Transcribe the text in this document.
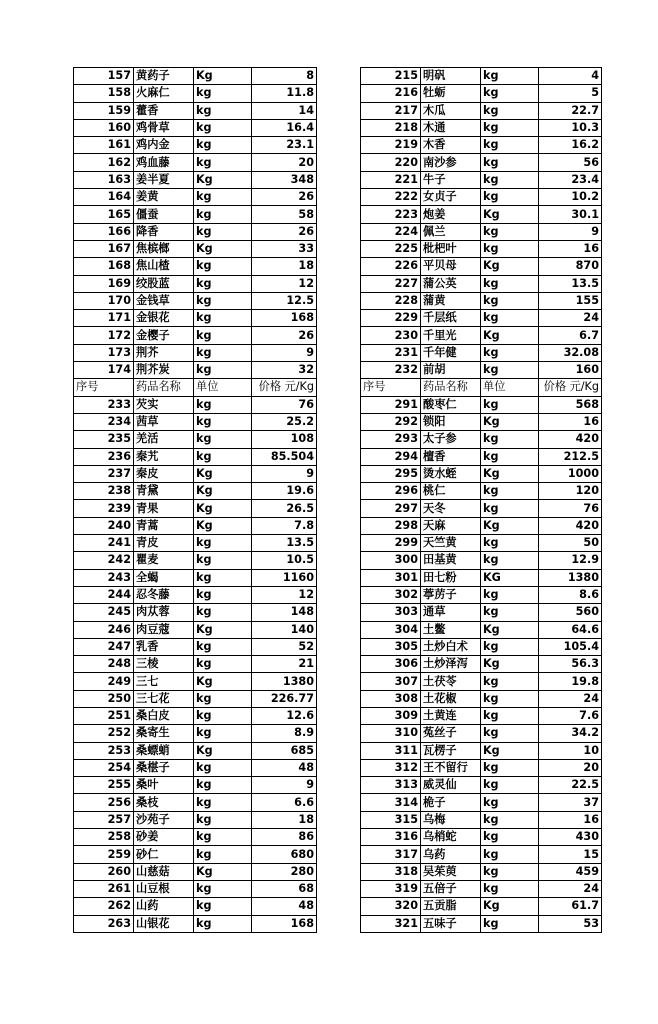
157	黄药子	Kg	8
158	火麻仁	kg	11.8
159	藿香	kg	14
160	鸡骨草	kg	16.4
161	鸡内金	kg	23.1
162	鸡血藤	kg	20
163	姜半夏	Kg	348
164	姜黄	kg	26
165	僵蚕	kg	58
166	降香	kg	26
167	焦槟榔	Kg	33
168	焦山楂	kg	18
169	绞股蓝	kg	12
170	金钱草	kg	12.5
171	金银花	kg	168
172	金樱子	kg	26
173	荆芥	kg	9
174	荆芥炭	kg	32
序号	药品名称	单位	价格 元/Kg
233	芡实	kg	76
234	茜草	kg	25.2
235	羌活	kg	108
236	秦艽	kg	85.504
237	秦皮	Kg	9
238	青黛	Kg	19.6
239	青果	Kg	26.5
240	青蒿	Kg	7.8
241	青皮	kg	13.5
242	瞿麦	kg	10.5
243	全蝎	kg	1160
244	忍冬藤	kg	12
245	肉苁蓉	kg	148
246	肉豆蔻	Kg	140
247	乳香	kg	52
248	三棱	kg	21
249	三七	Kg	1380
250	三七花	kg	226.77
251	桑白皮	kg	12.6
252	桑寄生	kg	8.9
253	桑螵蛸	Kg	685
254	桑椹子	kg	48
255	桑叶	kg	9
256	桑枝	kg	6.6
257	沙苑子	kg	18
258	砂姜	kg	86
259	砂仁	kg	680
260	山慈菇	Kg	280
261	山豆根	kg	68
262	山药	kg	48
263	山银花	kg	168
215	明矾	kg	4
216	牡蛎	kg	5
217	木瓜	kg	22.7
218	木通	kg	10.3
219	木香	kg	16.2
220	南沙参	kg	56
221	牛子	kg	23.4
222	女贞子	kg	10.2
223	炮姜	Kg	30.1
224	佩兰	kg	9
225	枇杷叶	kg	16
226	平贝母	Kg	870
227	蒲公英	kg	13.5
228	蒲黄	kg	155
229	千层纸	kg	24
230	千里光	Kg	6.7
231	千年健	kg	32.08
232	前胡	kg	160
序号	药品名称	单位	价格 元/Kg
291	酸枣仁	kg	568
292	锁阳	Kg	16
293	太子参	kg	420
294	檀香	kg	212.5
295	烫水蛭	Kg	1000
296	桃仁	kg	120
297	天冬	kg	76
298	天麻	Kg	420
299	天竺黄	kg	50
300	田基黄	kg	12.9
301	田七粉	KG	1380
302	葶苈子	kg	8.6
303	通草	kg	560
304	土鳖	Kg	64.6
305	土炒白术	kg	105.4
306	土炒泽泻	Kg	56.3
307	土茯苓	kg	19.8
308	土花椒	kg	24
309	土黄连	kg	7.6
310	菟丝子	kg	34.2
311	瓦楞子	Kg	10
312	王不留行	kg	20
313	威灵仙	kg	22.5
314	桅子	kg	37
315	乌梅	kg	16
316	乌梢蛇	kg	430
317	乌药	kg	15
318	吴茱萸	kg	459
319	五倍子	kg	24
320	五贡脂	Kg	61.7
321	五味子	kg	53
